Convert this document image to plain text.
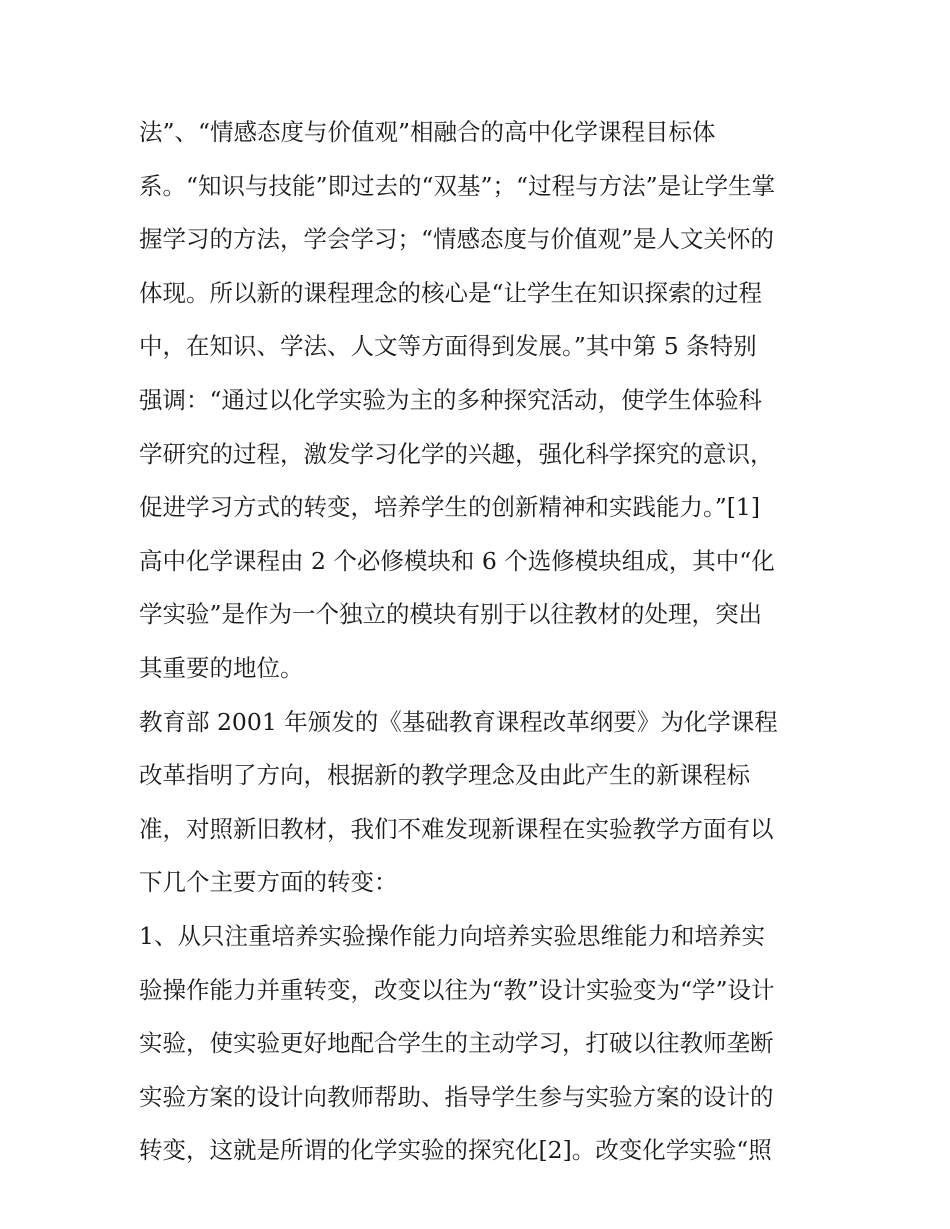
法”、“情感态度与价值观”相融合的高中化学课程目标体
系。“知识与技能”即过去的“双基”；“过程与方法”是让学生掌
握学习的方法，学会学习；“情感态度与价值观”是人文关怀的
体现。所以新的课程理念的核心是“让学生在知识探索的过程
中，在知识、学法、人文等方面得到发展。”其中第 5 条特别
强调：“通过以化学实验为主的多种探究活动，使学生体验科
学研究的过程，激发学习化学的兴趣，强化科学探究的意识，
促进学习方式的转变，培养学生的创新精神和实践能力。”[1]
高中化学课程由 2 个必修模块和 6 个选修模块组成，其中“化
学实验”是作为一个独立的模块有别于以往教材的处理，突出
其重要的地位。
教育部 2001 年颁发的《基础教育课程改革纲要》为化学课程
改革指明了方向，根据新的教学理念及由此产生的新课程标
准，对照新旧教材，我们不难发现新课程在实验教学方面有以
下几个主要方面的转变：
1、从只注重培养实验操作能力向培养实验思维能力和培养实
验操作能力并重转变，改变以往为“教”设计实验变为“学”设计
实验，使实验更好地配合学生的主动学习，打破以往教师垄断
实验方案的设计向教师帮助、指导学生参与实验方案的设计的
转变，这就是所谓的化学实验的探究化[2]。改变化学实验“照
